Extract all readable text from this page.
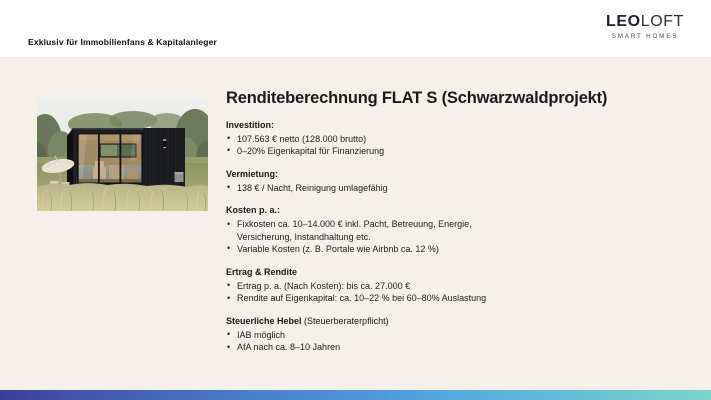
Exklusiv für Immobilienfans & Kapitalanleger
LEOLOFT
SMART HOMES
Renditeberechnung FLAT S (Schwarzwaldprojekt)
Investition:
• 107.563 € netto (128.000 brutto)
• 0–20% Eigenkapital für Finanzierung
Vermietung:
• 138 € / Nacht, Reinigung umlagefähig
Kosten p. a.:
• Fixkosten ca. 10–14.000 € inkl. Pacht, Betreuung, Energie, Versicherung, Instandhaltung etc.
• Variable Kosten (z. B. Portale wie Airbnb ca. 12 %)
Ertrag & Rendite
• Ertrag p. a. (Nach Kosten): bis ca. 27.000 €
• Rendite auf Eigenkapital: ca. 10–22 % bei 60–80% Auslastung
Steuerliche Hebel (Steuerberaterpflicht)
• IAB möglich
• AfA nach ca. 8–10 Jahren
